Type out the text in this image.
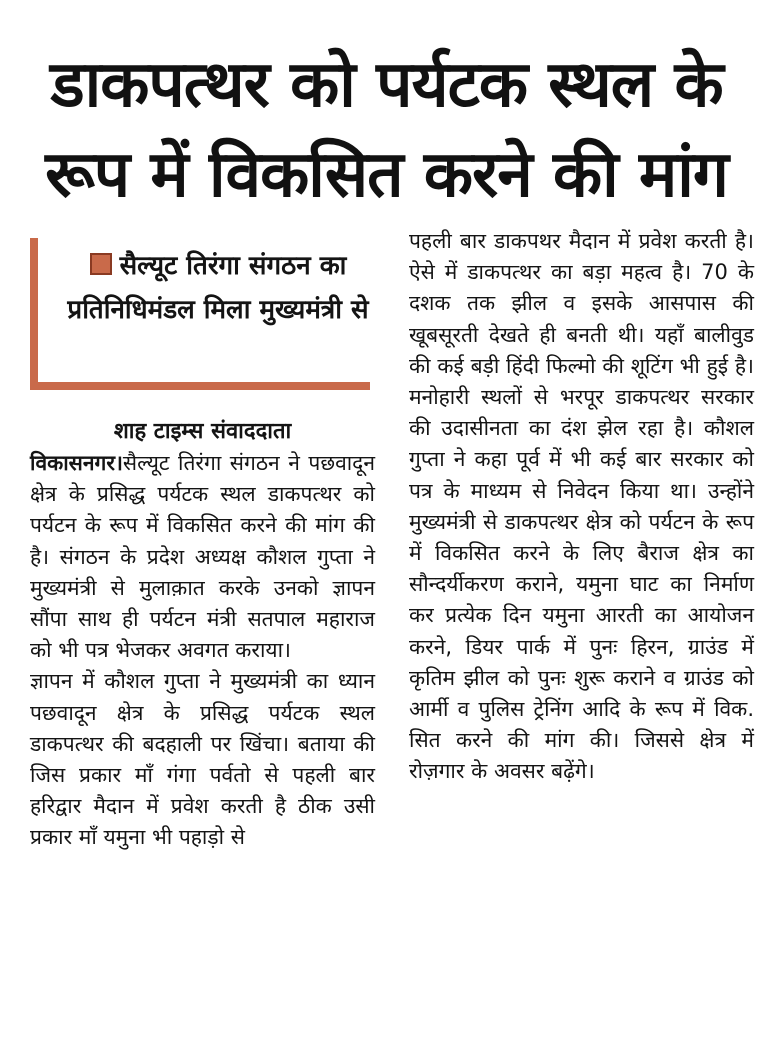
डाकपत्थर को पर्यटक स्थल के
रूप में विकसित करने की मांग
सैल्यूट तिरंगा संगठन का प्रतिनिधिमंडल मिला मुख्यमंत्री से
शाह टाइम्स संवाददाता

विकासनगर।सैल्यूट तिरंगा संगठन ने पछवादून क्षेत्र के प्रसिद्ध पर्यटक स्थल डाकपत्थर को पर्यटन के रूप में विकसित करने की मांग की है। संगठन के प्रदेश अध्यक्ष कौशल गुप्ता ने मुख्यमंत्री से मुलाक़ात करके उनको ज्ञापन सौंपा साथ ही पर्यटन मंत्री सतपाल महाराज को भी पत्र भेजकर अवगत कराया।

ज्ञापन में कौशल गुप्ता ने मुख्यमंत्री का ध्यान पछवादून क्षेत्र के प्रसिद्ध पर्यटक स्थल डाकपत्थर की बदहाली पर खिंचा। बताया की जिस प्रकार माँ गंगा पर्वतो से पहली बार हरिद्वार मैदान में प्रवेश करती है ठीक उसी प्रकार माँ यमुना भी पहाड़ो से

पहली बार डाकपथर मैदान में प्रवेश करती है। ऐसे में डाकपत्थर का बड़ा महत्व है। 70 के दशक तक झील व इसके आसपास की खूबसूरती देखते ही बनती थी। यहाँ बालीवुड की कई बड़ी हिंदी फिल्मो की शूटिंग भी हुई है। मनोहारी स्थलों से भरपूर डाकपत्थर सरकार की उदासीनता का दंश झेल रहा है। कौशल गुप्ता ने कहा पूर्व में भी कई बार सरकार को पत्र के माध्यम से निवेदन किया था। उन्होंने मुख्यमंत्री से डाकपत्थर क्षेत्र को पर्यटन के रूप में विकसित करने के लिए बैराज क्षेत्र का सौन्दर्यीकरण कराने, यमुना घाट का निर्माण कर प्रत्येक दिन यमुना आरती का आयोजन करने, डियर पार्क में पुनः हिरन, ग्राउंड में कृतिम झील को पुनः शुरू कराने व ग्राउंड को आर्मी व पुलिस ट्रेनिंग आदि के रूप में विक. सित करने की मांग की। जिससे क्षेत्र में रोज़गार के अवसर बढ़ेंगे।
